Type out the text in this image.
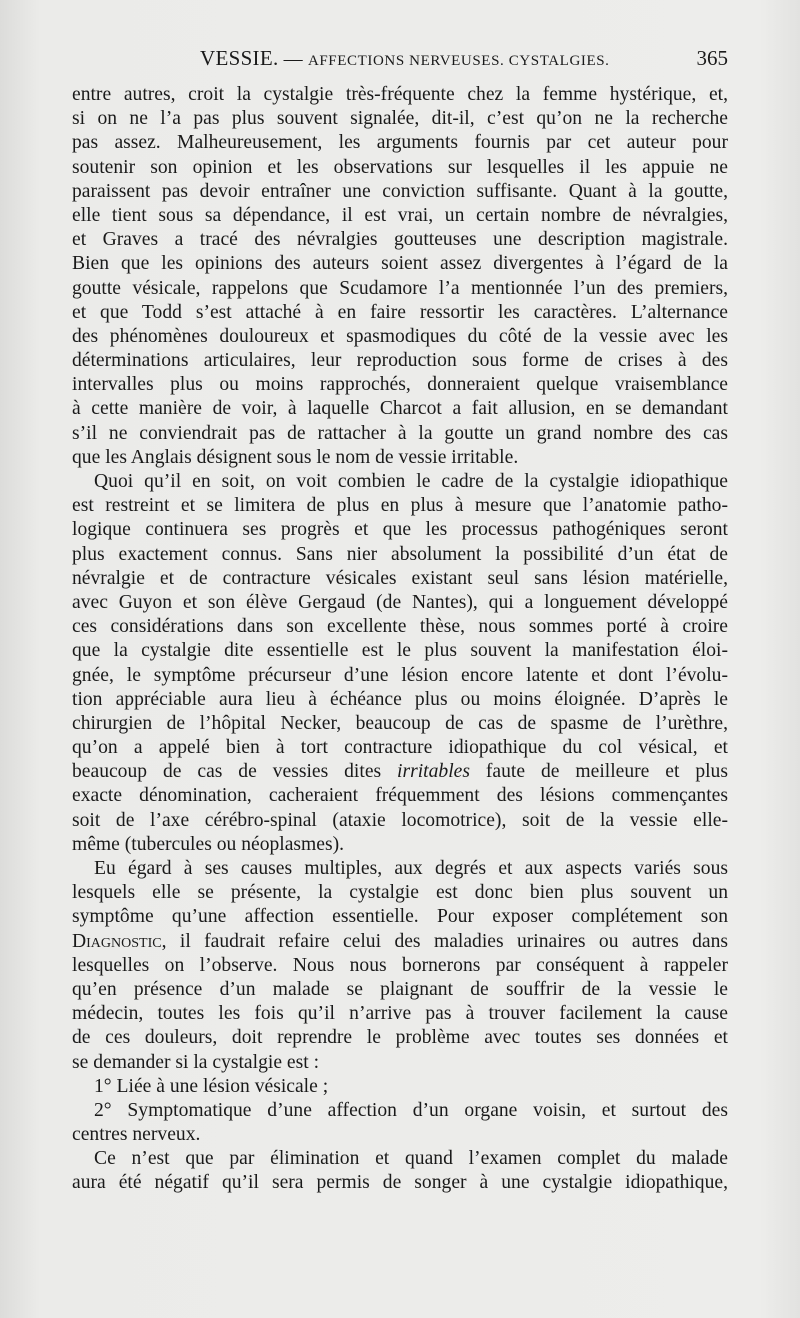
VESSIE. — AFFECTIONS NERVEUSES. CYSTALGIES.	365
entre autres, croit la cystalgie très-fréquente chez la femme hystérique, et,
si on ne l’a pas plus souvent signalée, dit-il, c’est qu’on ne la recherche
pas assez. Malheureusement, les arguments fournis par cet auteur pour
soutenir son opinion et les observations sur lesquelles il les appuie ne
paraissent pas devoir entraîner une conviction suffisante. Quant à la goutte,
elle tient sous sa dépendance, il est vrai, un certain nombre de névralgies,
et Graves a tracé des névralgies goutteuses une description magistrale.
Bien que les opinions des auteurs soient assez divergentes à l’égard de la
goutte vésicale, rappelons que Scudamore l’a mentionnée l’un des premiers,
et que Todd s’est attaché à en faire ressortir les caractères. L’alternance
des phénomènes douloureux et spasmodiques du côté de la vessie avec les
déterminations articulaires, leur reproduction sous forme de crises à des
intervalles plus ou moins rapprochés, donneraient quelque vraisemblance
à cette manière de voir, à laquelle Charcot a fait allusion, en se demandant
s’il ne conviendrait pas de rattacher à la goutte un grand nombre des cas
que les Anglais désignent sous le nom de vessie irritable.
Quoi qu’il en soit, on voit combien le cadre de la cystalgie idiopathique
est restreint et se limitera de plus en plus à mesure que l’anatomie patho-
logique continuera ses progrès et que les processus pathogéniques seront
plus exactement connus. Sans nier absolument la possibilité d’un état de
névralgie et de contracture vésicales existant seul sans lésion matérielle,
avec Guyon et son élève Gergaud (de Nantes), qui a longuement développé
ces considérations dans son excellente thèse, nous sommes porté à croire
que la cystalgie dite essentielle est le plus souvent la manifestation éloi-
gnée, le symptôme précurseur d’une lésion encore latente et dont l’évolu-
tion appréciable aura lieu à échéance plus ou moins éloignée. D’après le
chirurgien de l’hôpital Necker, beaucoup de cas de spasme de l’urèthre,
qu’on a appelé bien à tort contracture idiopathique du col vésical, et
beaucoup de cas de vessies dites irritables faute de meilleure et plus
exacte dénomination, cacheraient fréquemment des lésions commençantes
soit de l’axe cérébro-spinal (ataxie locomotrice), soit de la vessie elle-
même (tubercules ou néoplasmes).
Eu égard à ses causes multiples, aux degrés et aux aspects variés sous
lesquels elle se présente, la cystalgie est donc bien plus souvent un
symptôme qu’une affection essentielle. Pour exposer complétement son
Diagnostic, il faudrait refaire celui des maladies urinaires ou autres dans
lesquelles on l’observe. Nous nous bornerons par conséquent à rappeler
qu’en présence d’un malade se plaignant de souffrir de la vessie le
médecin, toutes les fois qu’il n’arrive pas à trouver facilement la cause
de ces douleurs, doit reprendre le problème avec toutes ses données et
se demander si la cystalgie est :
1° Liée à une lésion vésicale ;
2° Symptomatique d’une affection d’un organe voisin, et surtout des
centres nerveux.
Ce n’est que par élimination et quand l’examen complet du malade
aura été négatif qu’il sera permis de songer à une cystalgie idiopathique,
